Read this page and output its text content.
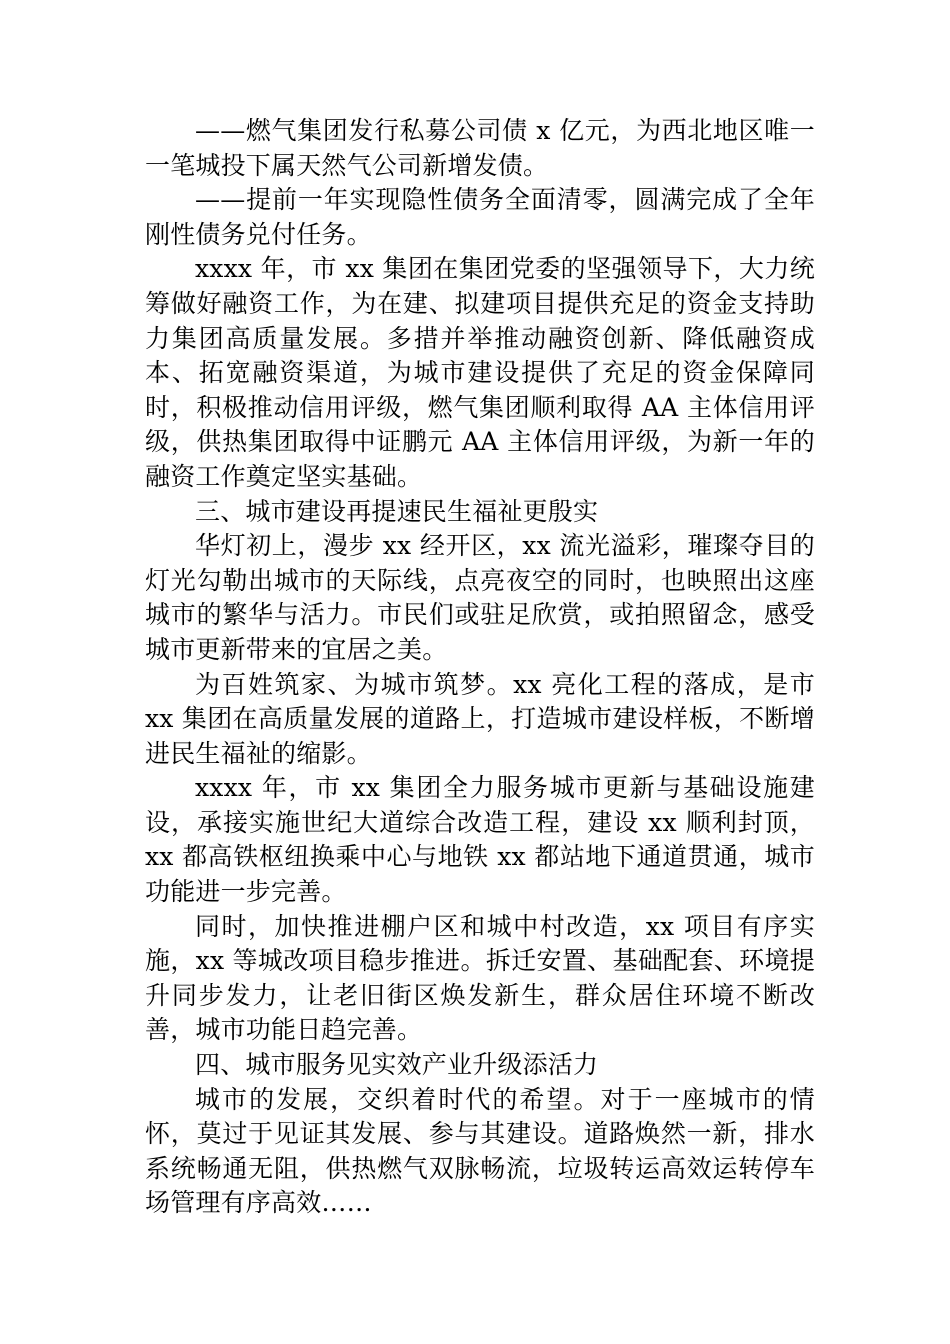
——燃气集团发行私募公司债 x 亿元，为西北地区唯一一笔城投下属天然气公司新增发债。

——提前一年实现隐性债务全面清零，圆满完成了全年刚性债务兑付任务。

xxxx 年，市 xx 集团在集团党委的坚强领导下，大力统筹做好融资工作，为在建、拟建项目提供充足的资金支持助力集团高质量发展。多措并举推动融资创新、降低融资成本、拓宽融资渠道，为城市建设提供了充足的资金保障同时，积极推动信用评级，燃气集团顺利取得 AA 主体信用评级，供热集团取得中证鹏元 AA 主体信用评级，为新一年的融资工作奠定坚实基础。

三、城市建设再提速民生福祉更殷实

华灯初上，漫步 xx 经开区，xx 流光溢彩，璀璨夺目的灯光勾勒出城市的天际线，点亮夜空的同时，也映照出这座城市的繁华与活力。市民们或驻足欣赏，或拍照留念，感受城市更新带来的宜居之美。

为百姓筑家、为城市筑梦。xx 亮化工程的落成，是市 xx 集团在高质量发展的道路上，打造城市建设样板，不断增进民生福祉的缩影。

xxxx 年，市 xx 集团全力服务城市更新与基础设施建设，承接实施世纪大道综合改造工程，建设 xx 顺利封顶，xx 都高铁枢纽换乘中心与地铁 xx 都站地下通道贯通，城市功能进一步完善。

同时，加快推进棚户区和城中村改造，xx 项目有序实施，xx 等城改项目稳步推进。拆迁安置、基础配套、环境提升同步发力，让老旧街区焕发新生，群众居住环境不断改善，城市功能日趋完善。

四、城市服务见实效产业升级添活力

城市的发展，交织着时代的希望。对于一座城市的情怀，莫过于见证其发展、参与其建设。道路焕然一新，排水系统畅通无阻，供热燃气双脉畅流，垃圾转运高效运转停车场管理有序高效……
